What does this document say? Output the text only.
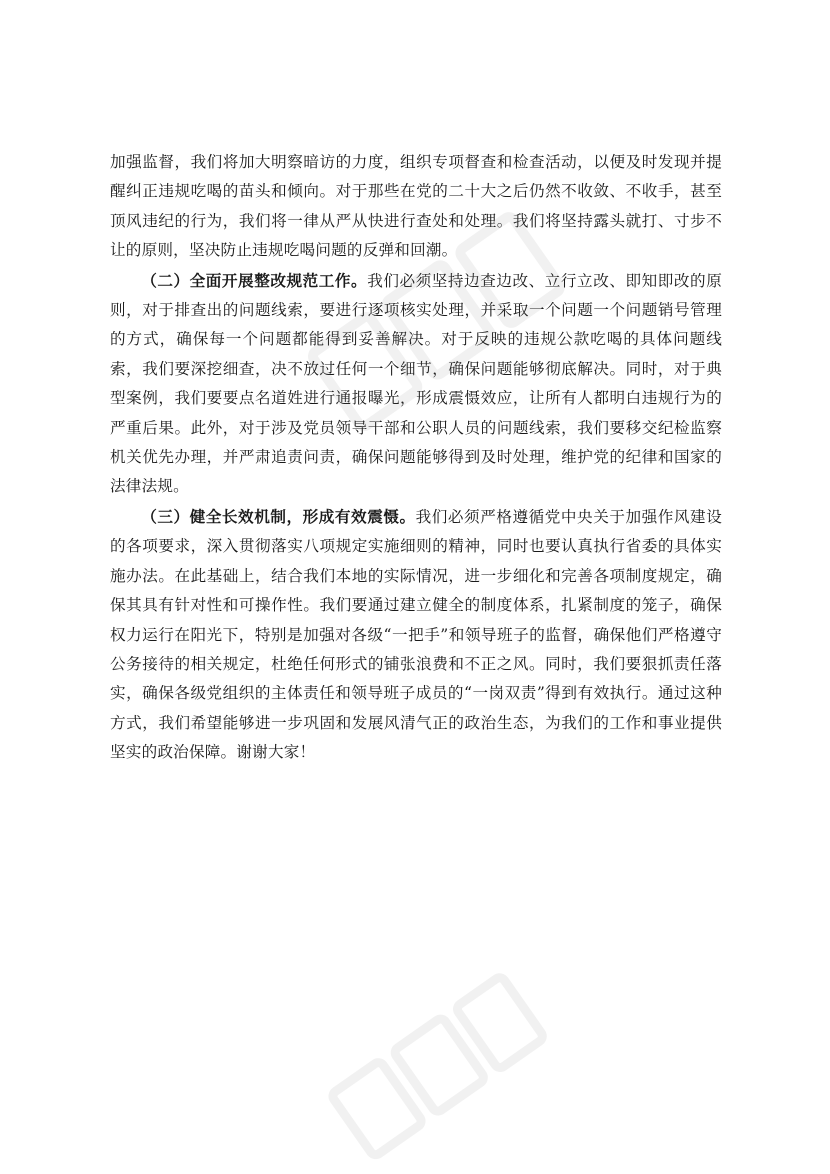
加强监督，我们将加大明察暗访的力度，组织专项督查和检查活动，以便及时发现并提醒纠正违规吃喝的苗头和倾向。对于那些在党的二十大之后仍然不收敛、不收手，甚至顶风违纪的行为，我们将一律从严从快进行查处和处理。我们将坚持露头就打、寸步不让的原则，坚决防止违规吃喝问题的反弹和回潮。

（二）全面开展整改规范工作。我们必须坚持边查边改、立行立改、即知即改的原则，对于排查出的问题线索，要进行逐项核实处理，并采取一个问题一个问题销号管理的方式，确保每一个问题都能得到妥善解决。对于反映的违规公款吃喝的具体问题线索，我们要深挖细查，决不放过任何一个细节，确保问题能够彻底解决。同时，对于典型案例，我们要要点名道姓进行通报曝光，形成震慑效应，让所有人都明白违规行为的严重后果。此外，对于涉及党员领导干部和公职人员的问题线索，我们要移交纪检监察机关优先办理，并严肃追责问责，确保问题能够得到及时处理，维护党的纪律和国家的法律法规。

（三）健全长效机制，形成有效震慑。我们必须严格遵循党中央关于加强作风建设的各项要求，深入贯彻落实八项规定实施细则的精神，同时也要认真执行省委的具体实施办法。在此基础上，结合我们本地的实际情况，进一步细化和完善各项制度规定，确保其具有针对性和可操作性。我们要通过建立健全的制度体系，扎紧制度的笼子，确保权力运行在阳光下，特别是加强对各级“一把手”和领导班子的监督，确保他们严格遵守公务接待的相关规定，杜绝任何形式的铺张浪费和不正之风。同时，我们要狠抓责任落实，确保各级党组织的主体责任和领导班子成员的“一岗双责”得到有效执行。通过这种方式，我们希望能够进一步巩固和发展风清气正的政治生态，为我们的工作和事业提供坚实的政治保障。谢谢大家！
